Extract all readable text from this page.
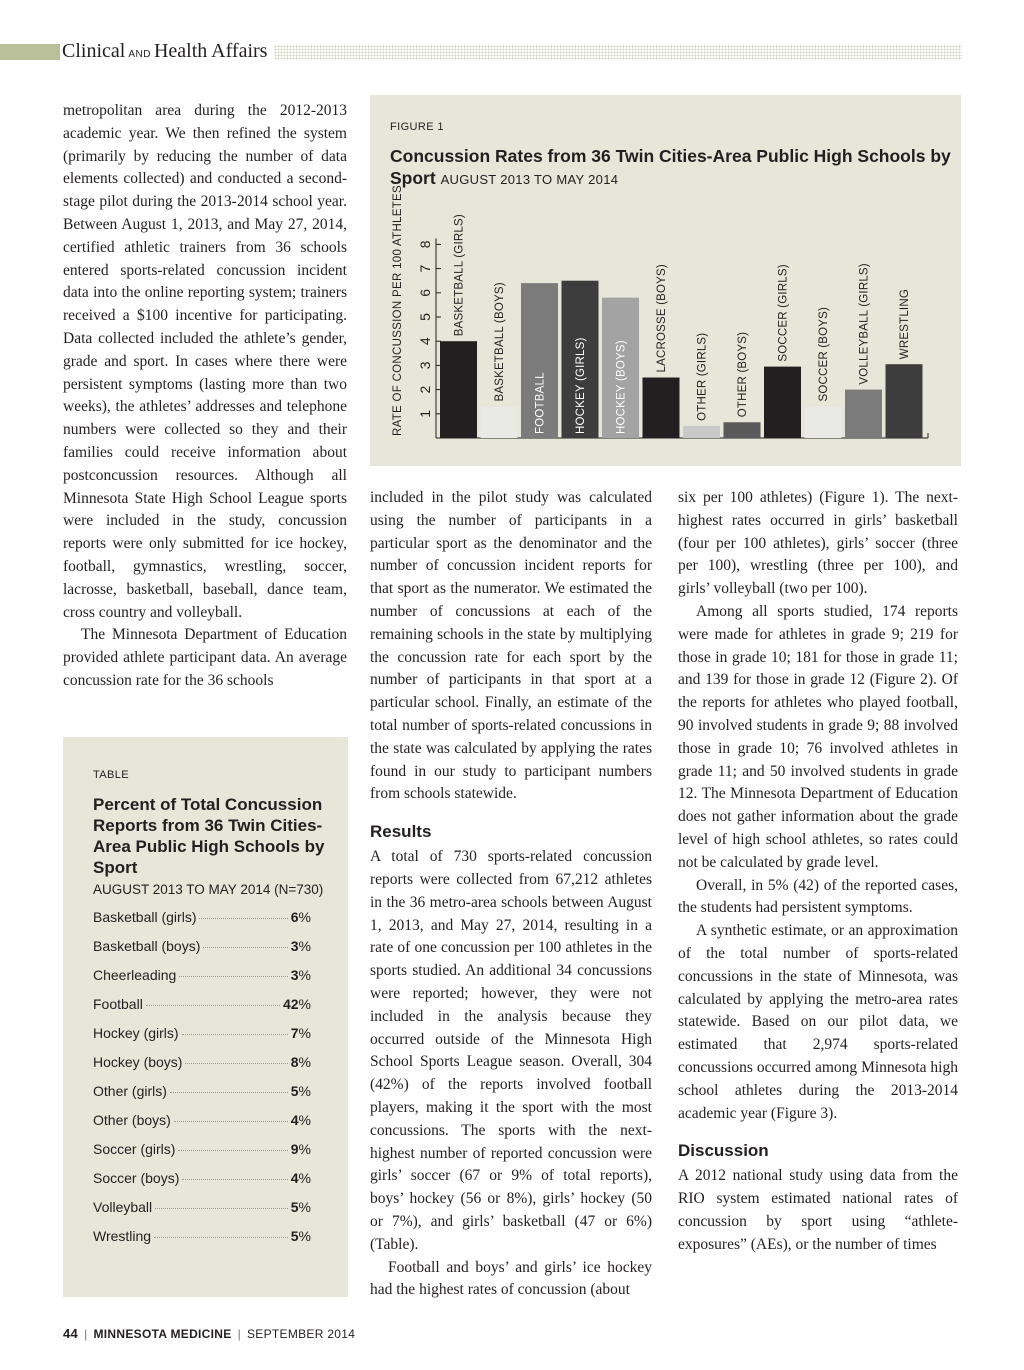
Clinical AND Health Affairs

metropolitan area during the 2012-2013 academic year. We then refined the system (primarily by reducing the number of data elements collected) and conducted a second-stage pilot during the 2013-2014 school year. Between August 1, 2013, and May 27, 2014, certified athletic trainers from 36 schools entered sports-related concussion incident data into the online reporting system; trainers received a $100 incentive for participating. Data collected included the athlete’s gender, grade and sport. In cases where there were persistent symptoms (lasting more than two weeks), the athletes’ addresses and telephone numbers were collected so they and their families could receive information about postconcussion resources. Although all Minnesota State High School League sports were included in the study, concussion reports were only submitted for ice hockey, football, gymnastics, wrestling, soccer, lacrosse, basketball, baseball, dance team, cross country and volleyball.

The Minnesota Department of Education provided athlete participant data. An average concussion rate for the 36 schools

FIGURE 1
Concussion Rates from 36 Twin Cities-Area Public High Schools by Sport AUGUST 2013 TO MAY 2014
RATE OF CONCUSSION PER 100 ATHLETES 1
2
3
4
5
6
7
8 BASKETBALL (GIRLS)
BASKETBALL (BOYS)
FOOTBALL HOCKEY (GIRLS) HOCKEY (BOYS)
LACROSSE (BOYS)
OTHER (GIRLS) OTHER (BOYS)
SOCCER (GIRLS) SOCCER (BOYS) VOLLEYBALL (GIRLS) WRESTLING

included in the pilot study was calculated using the number of participants in a particular sport as the denominator and the number of concussion incident reports for that sport as the numerator. We estimated the number of concussions at each of the remaining schools in the state by multiplying the concussion rate for each sport by the number of participants in that sport at a particular school. Finally, an estimate of the total number of sports-related concussions in the state was calculated by applying the rates found in our study to participant numbers from schools statewide.

Results

A total of 730 sports-related concussion reports were collected from 67,212 athletes in the 36 metro-area schools between August 1, 2013, and May 27, 2014, resulting in a rate of one concussion per 100 athletes in the sports studied. An additional 34 concussions were reported; however, they were not included in the analysis because they occurred outside of the Minnesota High School Sports League season. Overall, 304 (42%) of the reports involved football players, making it the sport with the most concussions. The sports with the next-highest number of reported concussion were girls’ soccer (67 or 9% of total reports), boys’ hockey (56 or 8%), girls’ hockey (50 or 7%), and girls’ basketball (47 or 6%) (Table).

Football and boys’ and girls’ ice hockey had the highest rates of concussion (about

six per 100 athletes) (Figure 1). The next-highest rates occurred in girls’ basketball (four per 100 athletes), girls’ soccer (three per 100), wrestling (three per 100), and girls’ volleyball (two per 100).

Among all sports studied, 174 reports were made for athletes in grade 9; 219 for those in grade 10; 181 for those in grade 11; and 139 for those in grade 12 (Figure 2). Of the reports for athletes who played football, 90 involved students in grade 9; 88 involved those in grade 10; 76 involved athletes in grade 11; and 50 involved students in grade 12. The Minnesota Department of Education does not gather information about the grade level of high school athletes, so rates could not be calculated by grade level.

Overall, in 5% (42) of the reported cases, the students had persistent symptoms.

A synthetic estimate, or an approximation of the total number of sports-related concussions in the state of Minnesota, was calculated by applying the metro-area rates statewide. Based on our pilot data, we estimated that 2,974 sports-related concussions occurred among Minnesota high school athletes during the 2013-2014 academic year (Figure 3).

Discussion

A 2012 national study using data from the RIO system estimated national rates of concussion by sport using “athlete-exposures” (AEs), or the number of times

TABLE
Percent of Total Concussion Reports from 36 Twin Cities-Area Public High Schools by Sport
AUGUST 2013 TO MAY 2014 (N=730)
Basketball (girls)	6%
Basketball (boys)	3%
Cheerleading	3%
Football	42%
Hockey (girls)	7%
Hockey (boys)	8%
Other (girls)	5%
Other (boys)	4%
Soccer (girls)	9%
Soccer (boys)	4%
Volleyball	5%
Wrestling	5%
44 | MINNESOTA MEDICINE | SEPTEMBER 2014
